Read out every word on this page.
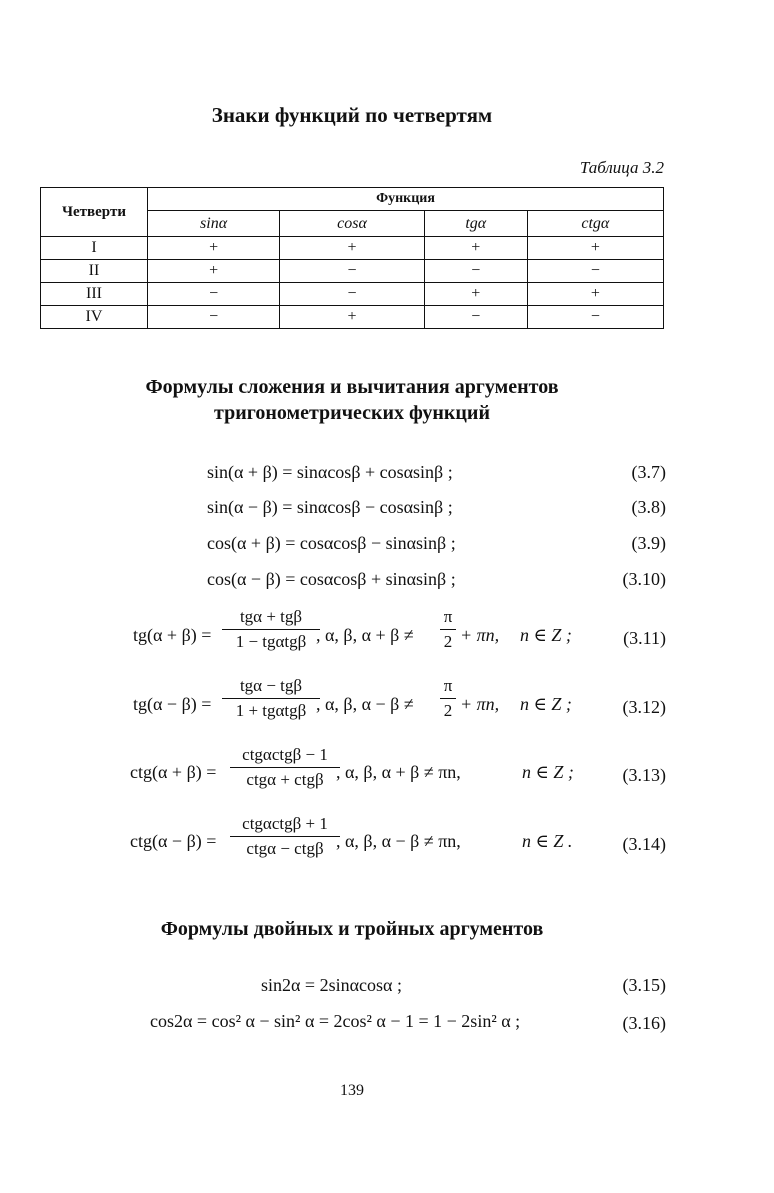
Знаки функций по четвертям
Таблица 3.2
Четверти	Функция			
	sinα	cosα	tgα	ctgα
I	+	+	+	+
II	+	−	−	−
III	−	−	+	+
IV	−	+	−	−
Формулы сложения и вычитания аргументов
тригонометрических функций
sin(α + β) = sinαcosβ + cosαsinβ ;	(3.7)
sin(α − β) = sinαcosβ − cosαsinβ ;	(3.8)
cos(α + β) = cosαcosβ − sinαsinβ ;	(3.9)
cos(α − β) = cosαcosβ + sinαsinβ ;	(3.10)
tg(α + β) =
tgα + tgβ
1 − tgαtgβ , α, β, α + β ≠
π
2 + πn, n ∈ Z ;	(3.11)
tg(α − β) =
tgα − tgβ
1 + tgαtgβ , α, β, α − β ≠
π
2 + πn, n ∈ Z ;	(3.12)
ctg(α + β) =
ctgαctgβ − 1
ctgα + ctgβ , α, β, α + β ≠ πn,	n ∈ Z ;	(3.13)
ctg(α − β) =
ctgαctgβ + 1
ctgα − ctgβ , α, β, α − β ≠ πn,	n ∈ Z .	(3.14)
Формулы двойных и тройных аргументов
sin2α = 2sinαcosα ;	(3.15)
cos2α = cos² α − sin² α = 2cos² α − 1 = 1 − 2sin² α ;	(3.16)
139
